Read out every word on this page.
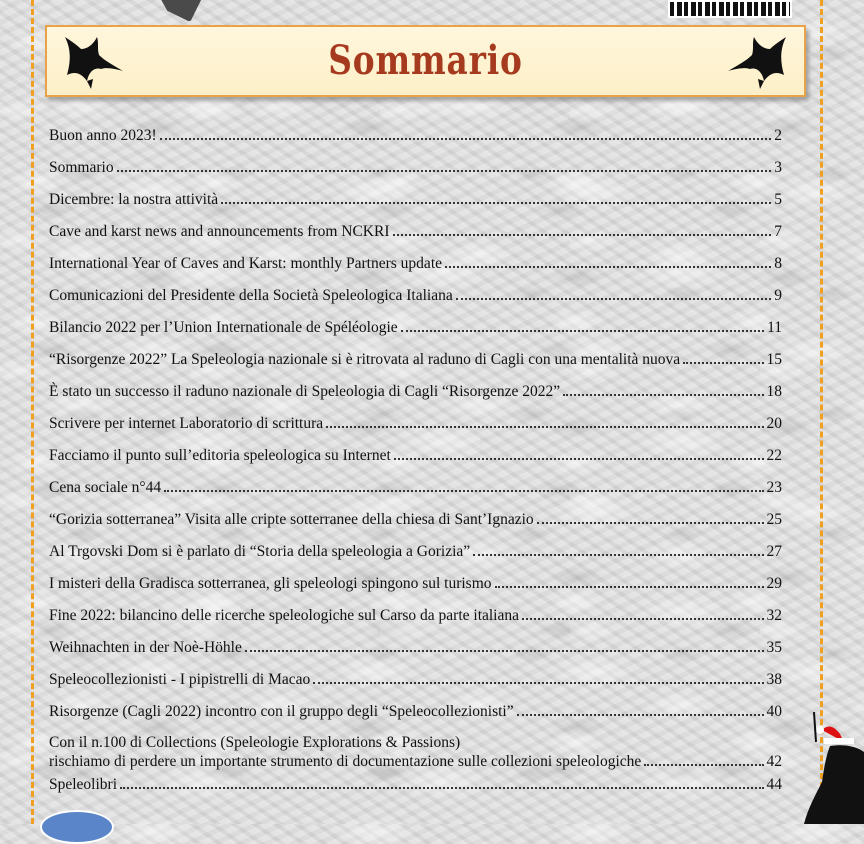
Sommario
Buon anno 2023!	2
Sommario	3
Dicembre: la nostra attività	5
Cave and karst news and announcements from NCKRI	7
International Year of Caves and Karst: monthly Partners update	8
Comunicazioni del Presidente della Società Speleologica Italiana	9
Bilancio 2022 per l’Union Internationale de Spéléologie	11
“Risorgenze 2022” La Speleologia nazionale si è ritrovata al raduno di Cagli con una mentalità nuova	15
È stato un successo il raduno nazionale di Speleologia di Cagli “Risorgenze 2022”	18
Scrivere per internet Laboratorio di scrittura	20
Facciamo il punto sull’editoria speleologica su Internet	22
Cena sociale n°44	23
“Gorizia sotterranea” Visita alle cripte sotterranee della chiesa di Sant’Ignazio	25
Al Trgovski Dom si è parlato di “Storia della speleologia a Gorizia”	27
I misteri della Gradisca sotterranea, gli speleologi spingono sul turismo	29
Fine 2022: bilancino delle ricerche speleologiche sul Carso da parte italiana	32
Weihnachten in der Noè-Höhle	35
Speleocollezionisti - I pipistrelli di Macao	38
Risorgenze (Cagli 2022) incontro con il gruppo degli “Speleocollezionisti”	40
Con il n.100 di Collections (Speleologie Explorations & Passions)
rischiamo di perdere un importante strumento di documentazione sulle collezioni speleologiche	42
Speleolibri	44
